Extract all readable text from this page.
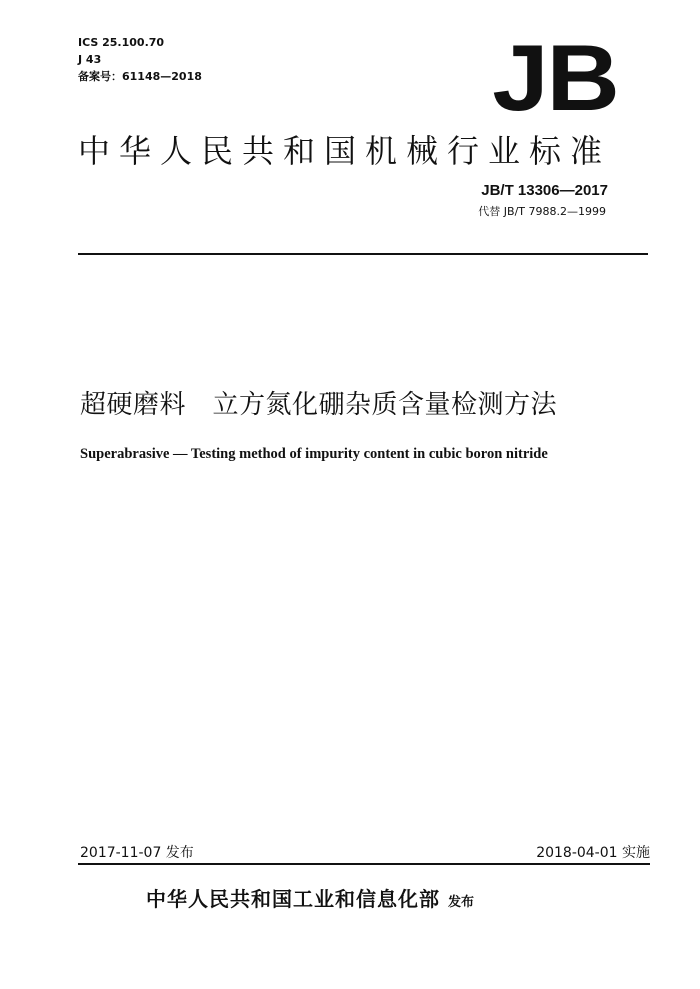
ICS 25.100.70
J 43
备案号：61148—2018	JB
中华人民共和国机械行业标准
JB/T 13306—2017
代替 JB/T 7988.2—1999
超硬磨料　立方氮化硼杂质含量检测方法
Superabrasive — Testing method of impurity content in cubic boron nitride
2017-11-07 发布	2018-04-01 实施
中华人民共和国工业和信息化部 发布
